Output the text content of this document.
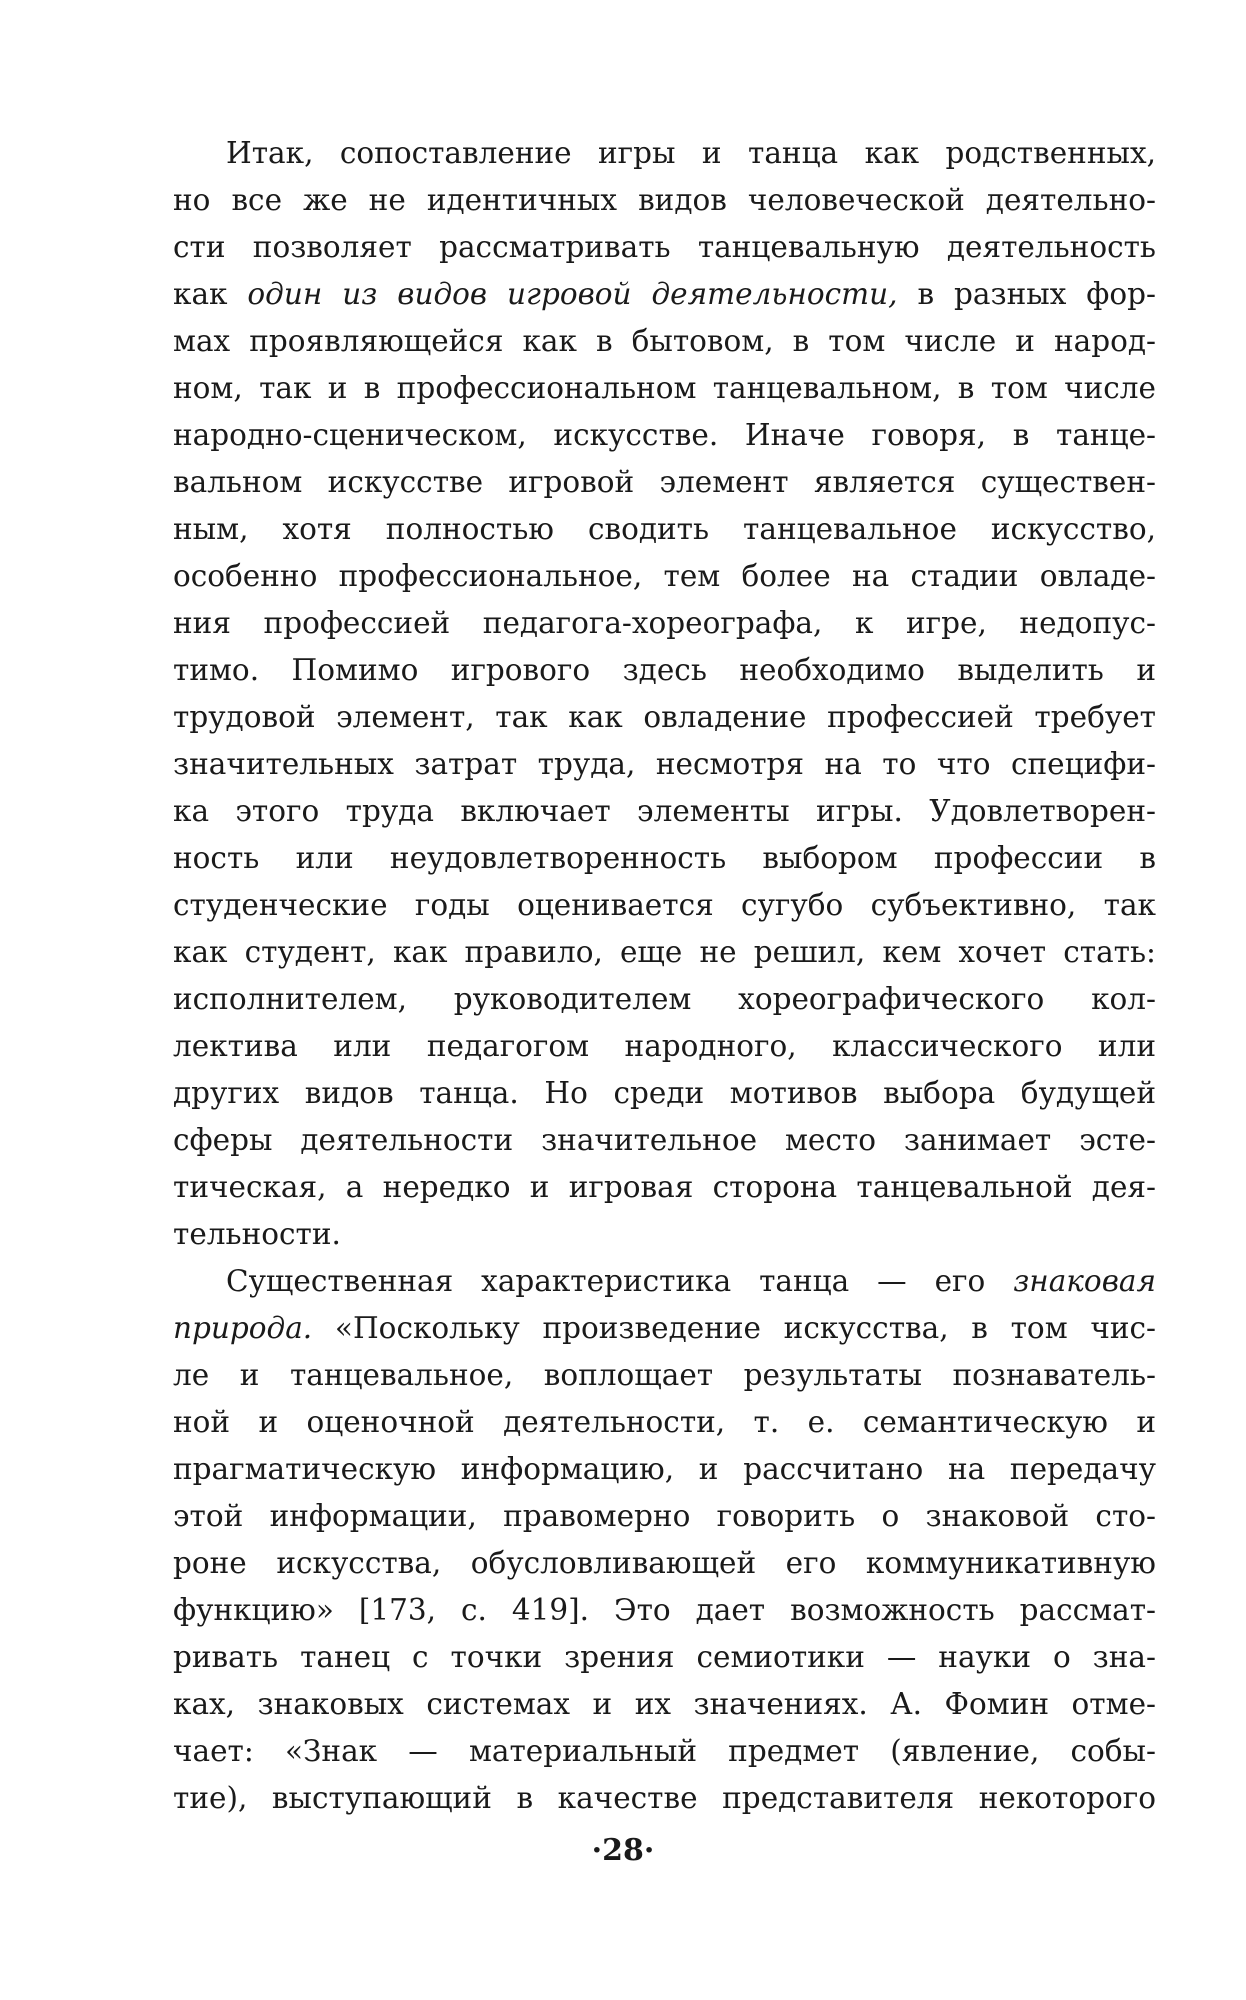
Итак, сопоставление игры и танца как родственных,
но все же не идентичных видов человеческой деятельно-
сти позволяет рассматривать танцевальную деятельность
как один из видов игровой деятельности, в разных фор-
мах проявляющейся как в бытовом, в том числе и народ-
ном, так и в профессиональном танцевальном, в том числе
народно-сценическом, искусстве. Иначе говоря, в танце-
вальном искусстве игровой элемент является существен-
ным, хотя полностью сводить танцевальное искусство,
особенно профессиональное, тем более на стадии овладе-
ния профессией педагога-хореографа, к игре, недопус-
тимо. Помимо игрового здесь необходимо выделить и
трудовой элемент, так как овладение профессией требует
значительных затрат труда, несмотря на то что специфи-
ка этого труда включает элементы игры. Удовлетворен-
ность или неудовлетворенность выбором профессии в
студенческие годы оценивается сугубо субъективно, так
как студент, как правило, еще не решил, кем хочет стать:
исполнителем, руководителем хореографического кол-
лектива или педагогом народного, классического или
других видов танца. Но среди мотивов выбора будущей
сферы деятельности значительное место занимает эсте-
тическая, а нередко и игровая сторона танцевальной дея-
тельности.
Существенная характеристика танца — его знаковая
природа. «Поскольку произведение искусства, в том чис-
ле и танцевальное, воплощает результаты познаватель-
ной и оценочной деятельности, т. е. семантическую и
прагматическую информацию, и рассчитано на передачу
этой информации, правомерно говорить о знаковой сто-
роне искусства, обусловливающей его коммуникативную
функцию» [173, с. 419]. Это дает возможность рассмат-
ривать танец с точки зрения семиотики — науки о зна-
ках, знаковых системах и их значениях. А. Фомин отме-
чает: «Знак — материальный предмет (явление, собы-
тие), выступающий в качестве представителя некоторого
·28·
